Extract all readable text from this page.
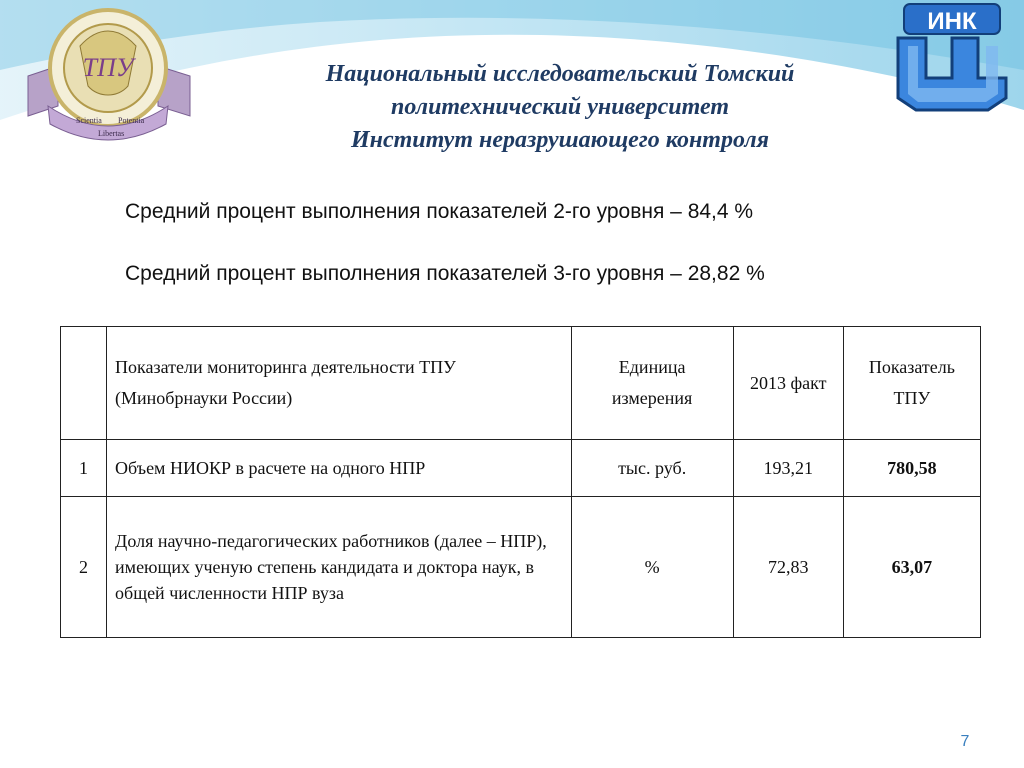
ТПУ
Scientia Potentia
Libertas
ИНК
Национальный исследовательский Томский
политехнический университет
Институт неразрушающего контроля
Средний процент выполнения показателей 2-го уровня – 84,4 %
Средний процент выполнения показателей 3-го уровня – 28,82 %
	Показатели мониторинга деятельности ТПУ (Минобрнауки России)	Единица измерения	2013 факт	Показатель ТПУ
1	Объем НИОКР в расчете на одного НПР	тыс. руб.	193,21	780,58
2	Доля научно-педагогических работников (далее – НПР), имеющих ученую степень кандидата и доктора наук, в общей численности НПР вуза	%	72,83	63,07
7
